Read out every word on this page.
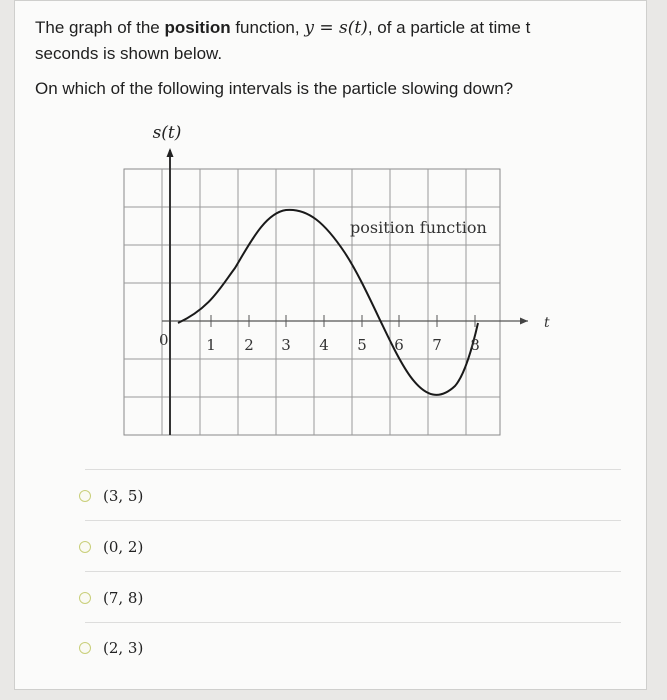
The graph of the position function, y = s(t), of a particle at time t
seconds is shown below.
On which of the following intervals is the particle slowing down?
s(t)
t
position function
0	1 2 3 4 5 6 7 8
(3, 5)
(0, 2)
(7, 8)
(2, 3)
